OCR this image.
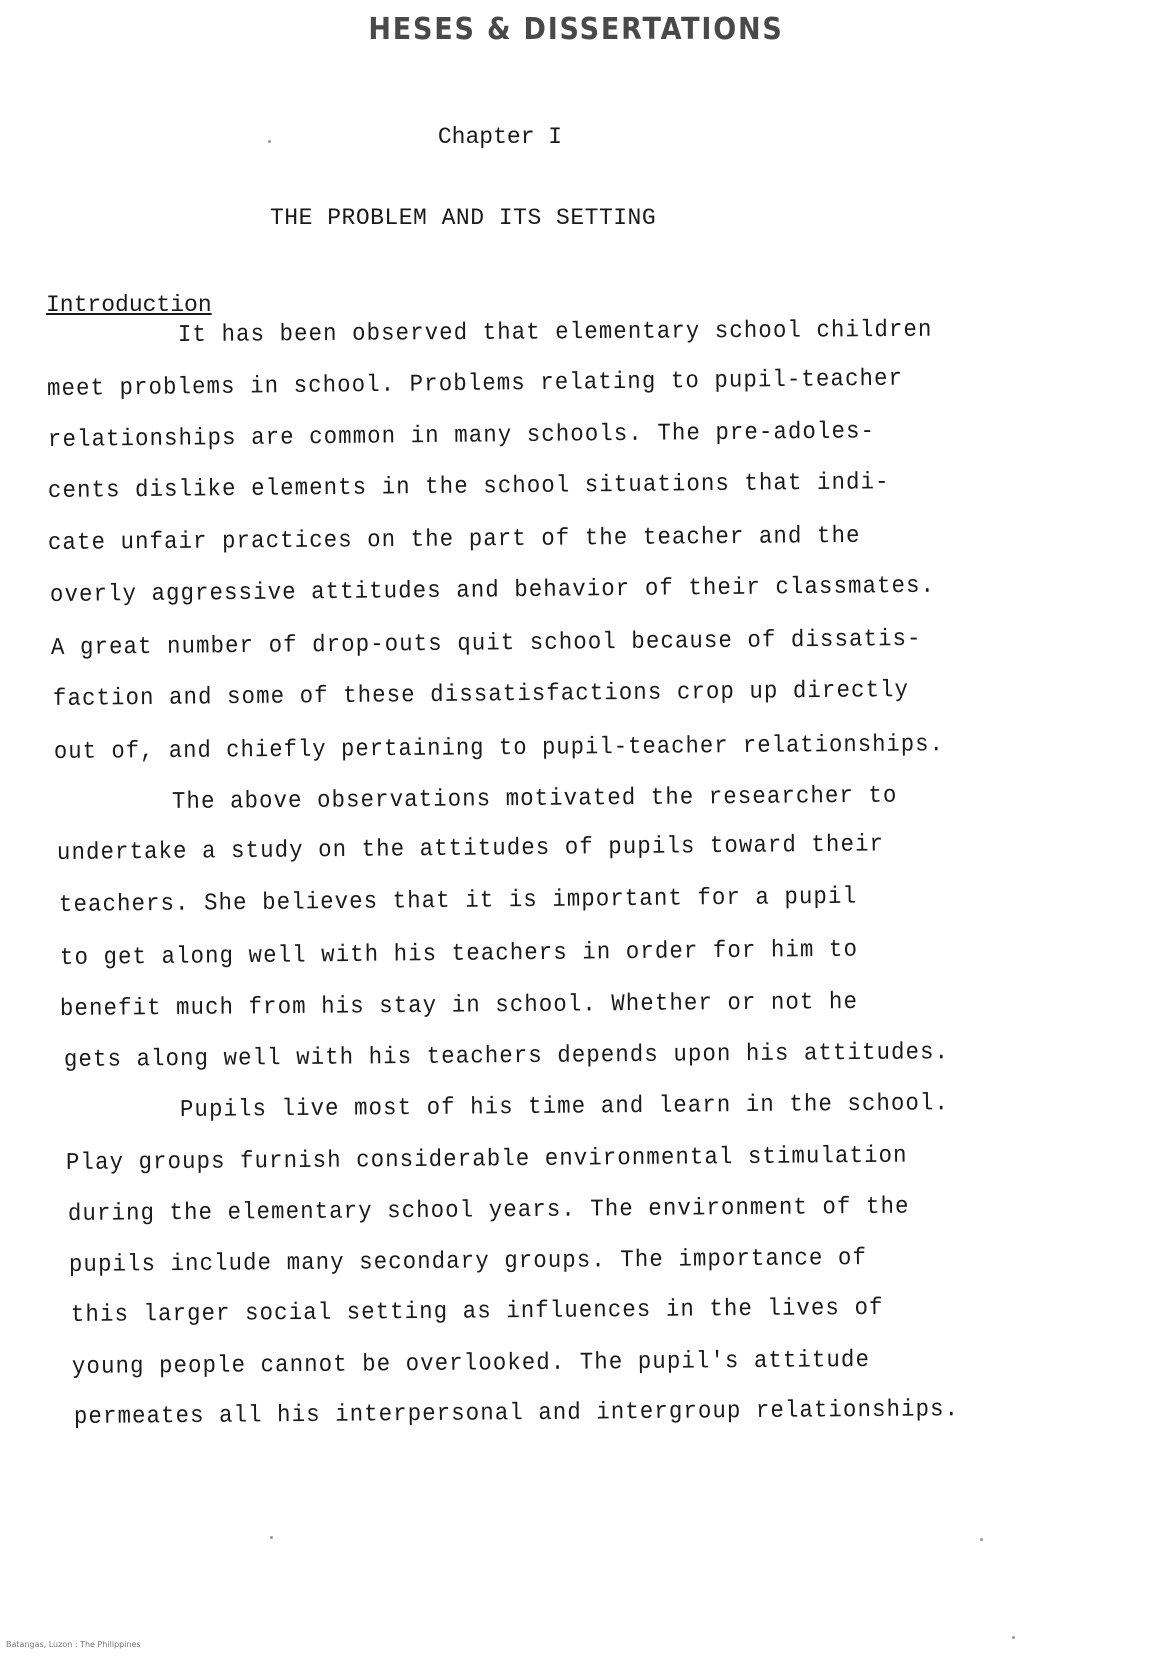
HESES & DISSERTATIONS
Chapter I
THE PROBLEM AND ITS SETTING
Introduction
It has been observed that elementary school children
meet problems in school. Problems relating to pupil-teacher
relationships are common in many schools. The pre-adoles-
cents dislike elements in the school situations that indi-
cate unfair practices on the part of the teacher and the
overly aggressive attitudes and behavior of their classmates.
A great number of drop-outs quit school because of dissatis-
faction and some of these dissatisfactions crop up directly
out of, and chiefly pertaining to pupil-teacher relationships.
The above observations motivated the researcher to
undertake a study on the attitudes of pupils toward their
teachers. She believes that it is important for a pupil
to get along well with his teachers in order for him to
benefit much from his stay in school. Whether or not he
gets along well with his teachers depends upon his attitudes.
Pupils live most of his time and learn in the school.
Play groups furnish considerable environmental stimulation
during the elementary school years. The environment of the
pupils include many secondary groups. The importance of
this larger social setting as influences in the lives of
young people cannot be overlooked. The pupil's attitude
permeates all his interpersonal and intergroup relationships.
Batangas, Luzon : The Philippines
